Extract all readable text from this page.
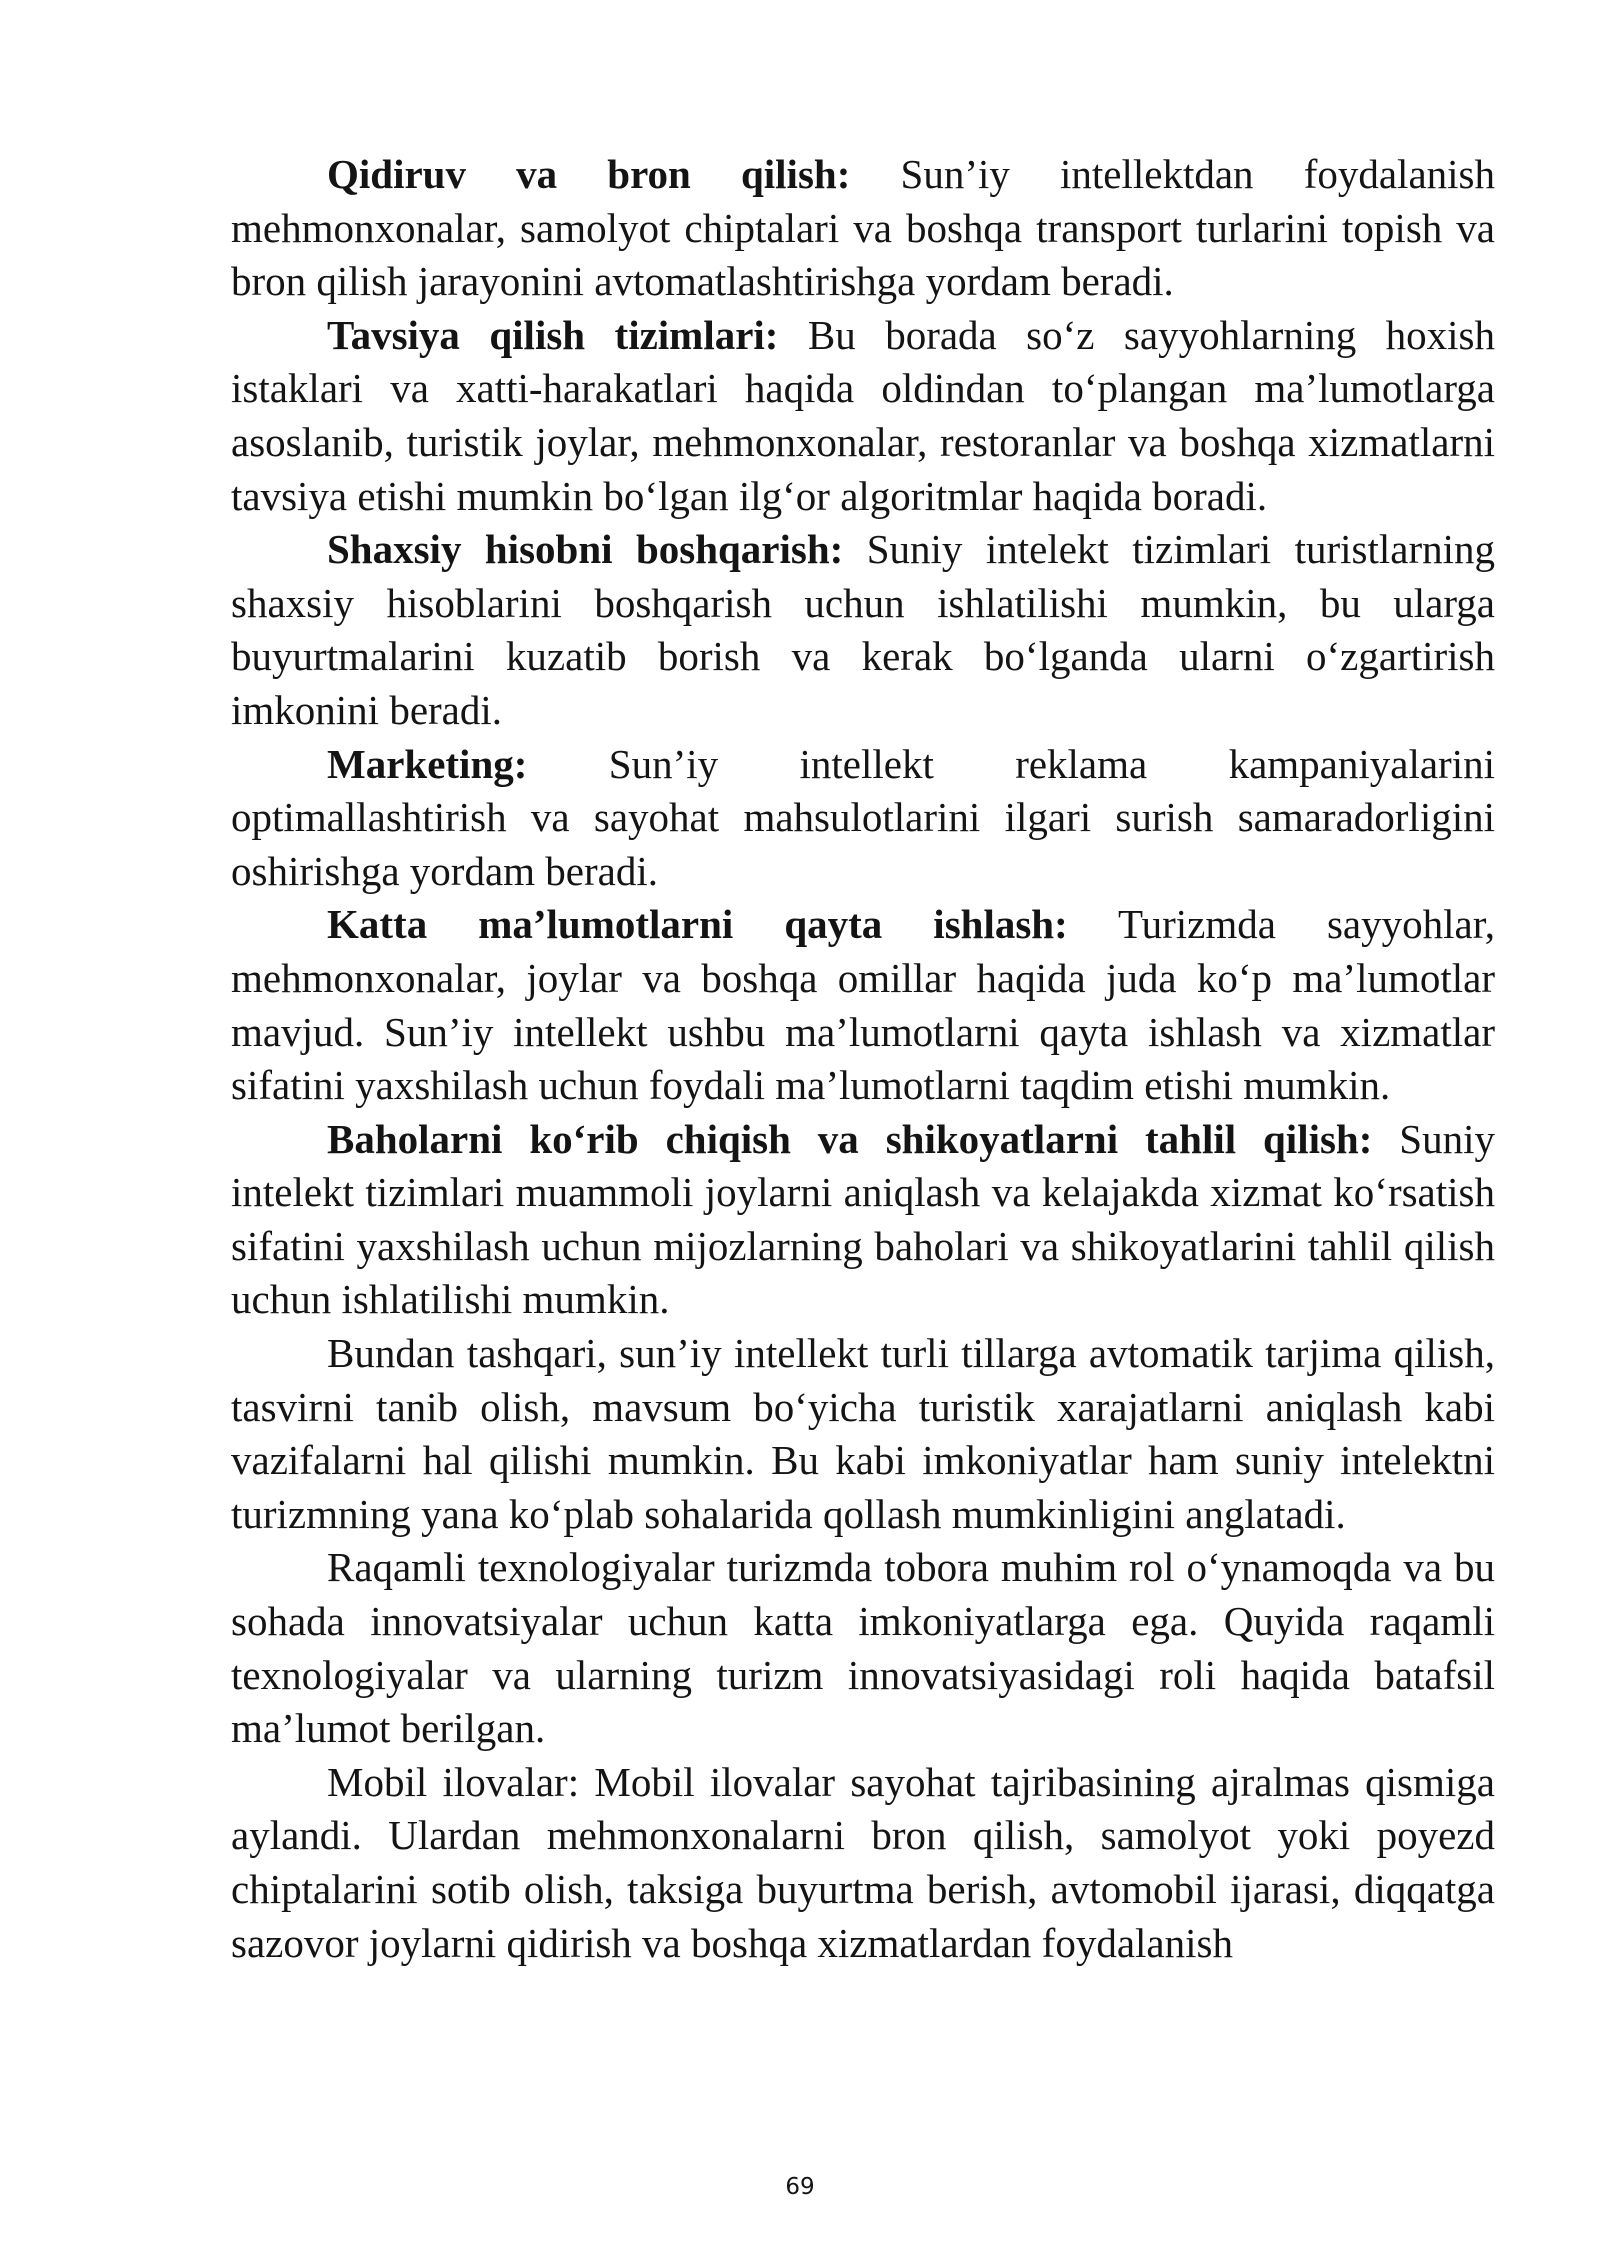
Qidiruv va bron qilish: Sun’iy intellektdan foydalanish mehmonxonalar, samolyot chiptalari va boshqa transport turlarini topish va bron qilish jarayonini avtomatlashtirishga yordam beradi.

Tavsiya qilish tizimlari: Bu borada so‘z sayyohlarning hoxish istaklari va xatti-harakatlari haqida oldindan to‘plangan ma’lumotlarga asoslanib, turistik joylar, mehmonxonalar, restoranlar va boshqa xizmatlarni tavsiya etishi mumkin bo‘lgan ilg‘or algoritmlar haqida boradi.

Shaxsiy hisobni boshqarish: Suniy intelekt tizimlari turistlarning shaxsiy hisoblarini boshqarish uchun ishlatilishi mumkin, bu ularga buyurtmalarini kuzatib borish va kerak bo‘lganda ularni o‘zgartirish imkonini beradi.

Marketing: Sun’iy intellekt reklama kampaniyalarini optimallashtirish va sayohat mahsulotlarini ilgari surish samaradorligini oshirishga yordam beradi.

Katta ma’lumotlarni qayta ishlash: Turizmda sayyohlar, mehmonxonalar, joylar va boshqa omillar haqida juda ko‘p ma’lumotlar mavjud. Sun’iy intellekt ushbu ma’lumotlarni qayta ishlash va xizmatlar sifatini yaxshilash uchun foydali ma’lumotlarni taqdim etishi mumkin.

Baholarni ko‘rib chiqish va shikoyatlarni tahlil qilish: Suniy intelekt tizimlari muammoli joylarni aniqlash va kelajakda xizmat ko‘rsatish sifatini yaxshilash uchun mijozlarning baholari va shikoyatlarini tahlil qilish uchun ishlatilishi mumkin.

Bundan tashqari, sun’iy intellekt turli tillarga avtomatik tarjima qilish, tasvirni tanib olish, mavsum bo‘yicha turistik xarajatlarni aniqlash kabi vazifalarni hal qilishi mumkin. Bu kabi imkoniyatlar ham suniy intelektni turizmning yana ko‘plab sohalarida qollash mumkinligini anglatadi.

Raqamli texnologiyalar turizmda tobora muhim rol o‘ynamoqda va bu sohada innovatsiyalar uchun katta imkoniyatlarga ega. Quyida raqamli texnologiyalar va ularning turizm innovatsiyasidagi roli haqida batafsil ma’lumot berilgan.

Mobil ilovalar: Mobil ilovalar sayohat tajribasining ajralmas qismiga aylandi. Ulardan mehmonxonalarni bron qilish, samolyot yoki poyezd chiptalarini sotib olish, taksiga buyurtma berish, avtomobil ijarasi, diqqatga sazovor joylarni qidirish va boshqa xizmatlardan foydalanish

69
